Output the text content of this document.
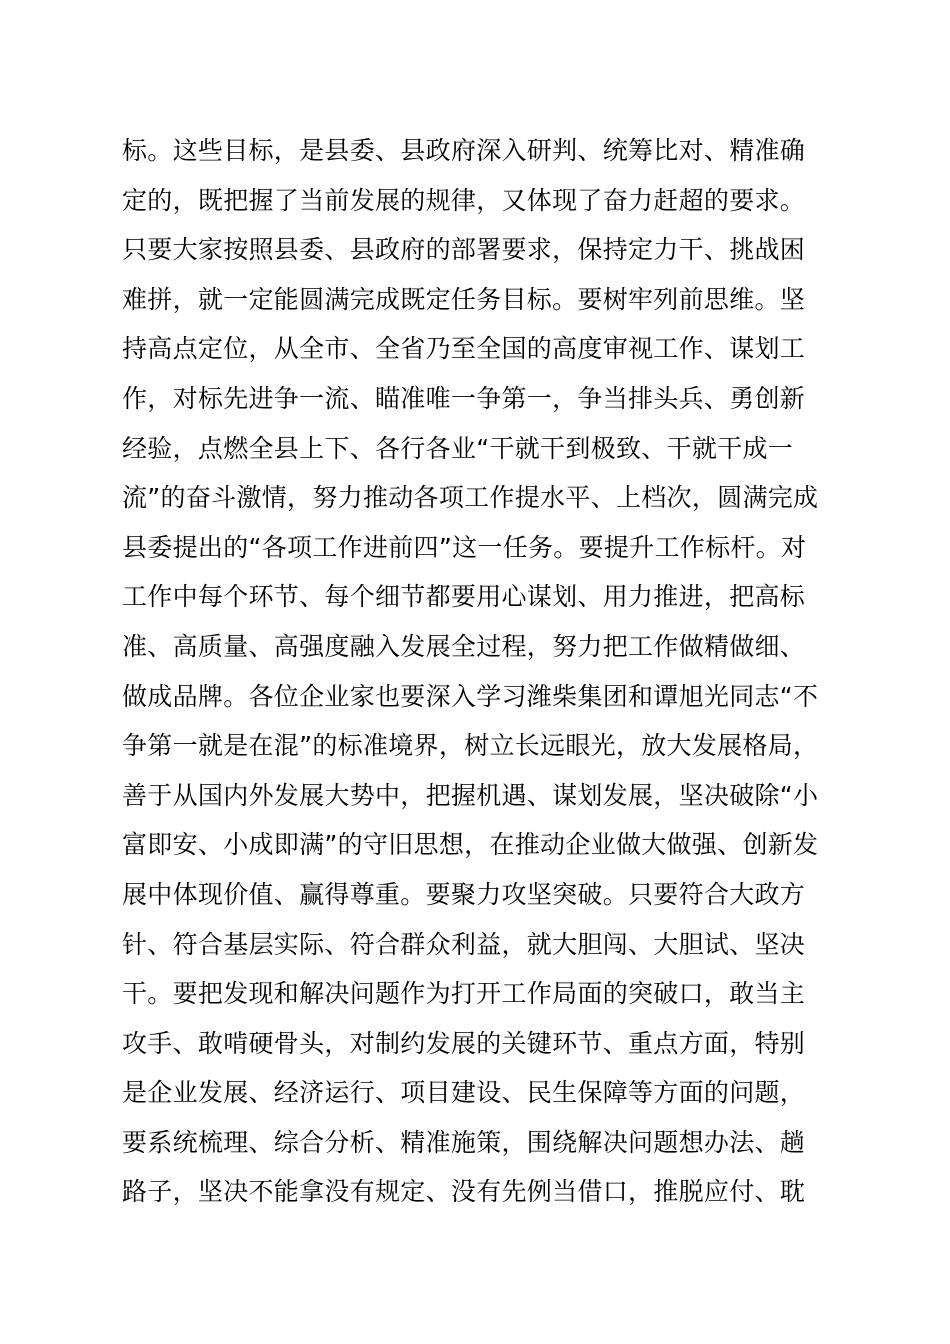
标。这些目标，是县委、县政府深入研判、统筹比对、精准确
定的，既把握了当前发展的规律，又体现了奋力赶超的要求。
只要大家按照县委、县政府的部署要求，保持定力干、挑战困
难拼，就一定能圆满完成既定任务目标。要树牢列前思维。坚
持高点定位，从全市、全省乃至全国的高度审视工作、谋划工
作，对标先进争一流、瞄准唯一争第一，争当排头兵、勇创新
经验，点燃全县上下、各行各业“干就干到极致、干就干成一
流”的奋斗激情，努力推动各项工作提水平、上档次，圆满完成
县委提出的“各项工作进前四”这一任务。要提升工作标杆。对
工作中每个环节、每个细节都要用心谋划、用力推进，把高标
准、高质量、高强度融入发展全过程，努力把工作做精做细、
做成品牌。各位企业家也要深入学习潍柴集团和谭旭光同志“不
争第一就是在混”的标准境界，树立长远眼光，放大发展格局，
善于从国内外发展大势中，把握机遇、谋划发展，坚决破除“小
富即安、小成即满”的守旧思想，在推动企业做大做强、创新发
展中体现价值、赢得尊重。要聚力攻坚突破。只要符合大政方
针、符合基层实际、符合群众利益，就大胆闯、大胆试、坚决
干。要把发现和解决问题作为打开工作局面的突破口，敢当主
攻手、敢啃硬骨头，对制约发展的关键环节、重点方面，特别
是企业发展、经济运行、项目建设、民生保障等方面的问题，
要系统梳理、综合分析、精准施策，围绕解决问题想办法、趟
路子，坚决不能拿没有规定、没有先例当借口，推脱应付、耽
